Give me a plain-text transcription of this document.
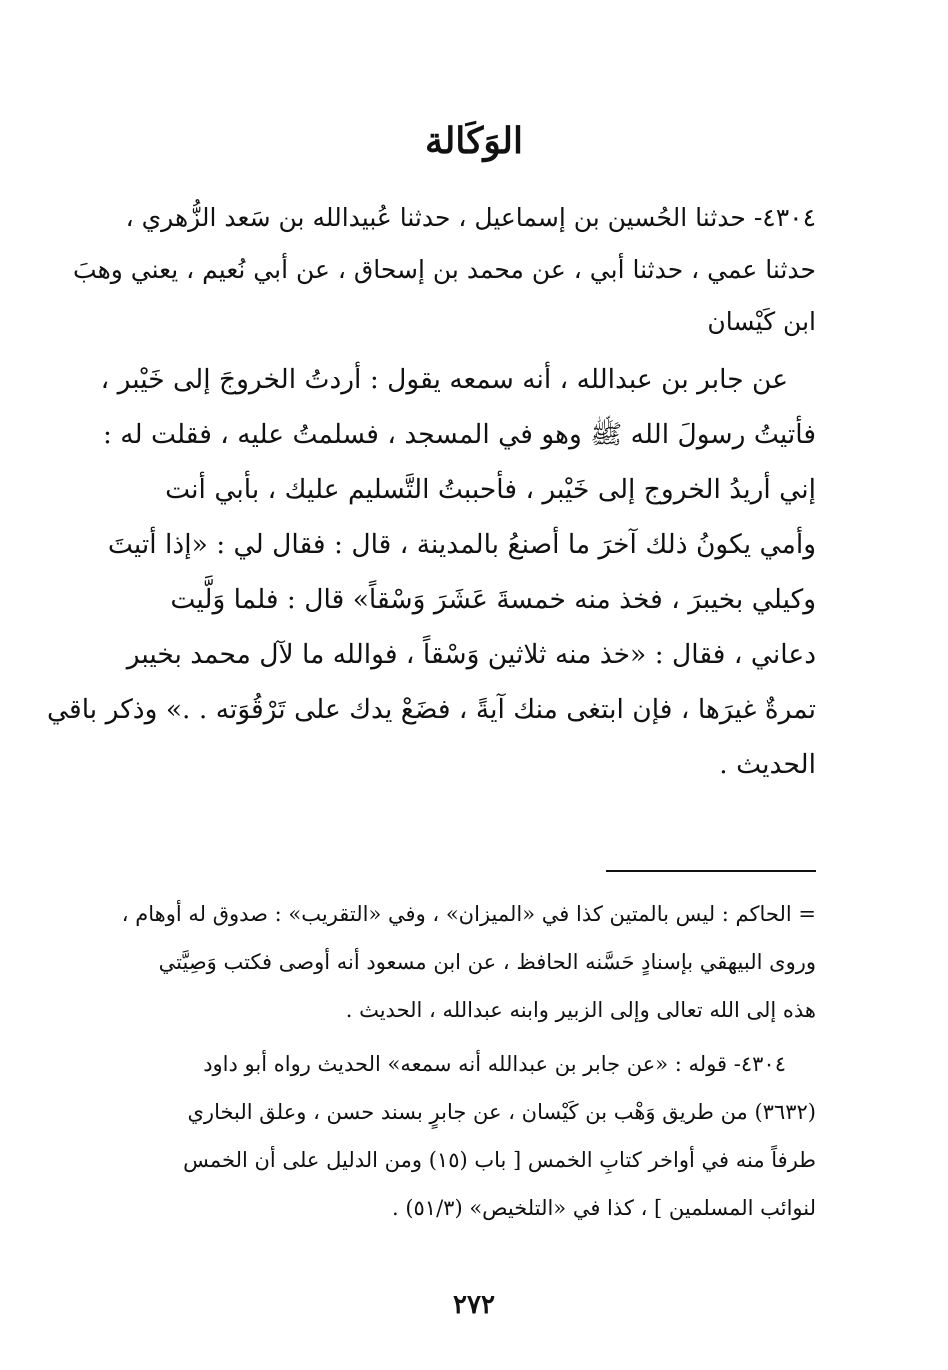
الوَكَالة

٤٣٠٤- حدثنا الحُسين بن إسماعيل ، حدثنا عُبيدالله بن سَعد الزُّهري ،
حدثنا عمي ، حدثنا أبي ، عن محمد بن إسحاق ، عن أبي نُعيم ، يعني وهبَ
ابن كَيْسان

عن جابر بن عبدالله ، أنه سمعه يقول : أردتُ الخروجَ إلى خَيْبر ،
فأتيتُ رسولَ الله ﷺ وهو في المسجد ، فسلمتُ عليه ، فقلت له :
إني أريدُ الخروج إلى خَيْبر ، فأحببتُ التَّسليم عليك ، بأبي أنت
وأمي يكونُ ذلك آخرَ ما أصنعُ بالمدينة ، قال : فقال لي : «إذا أتيتَ
وكيلي بخيبرَ ، فخذ منه خمسةَ عَشَرَ وَسْقاً» قال : فلما وَلَّيت
دعاني ، فقال : «خذ منه ثلاثين وَسْقاً ، فوالله ما لآل محمد بخيبر
تمرةٌ غيرَها ، فإن ابتغى منك آيةً ، فضَعْ يدك على تَرْقُوَته . .» وذكر باقي
الحديث .

= الحاكم : ليس بالمتين كذا في «الميزان» ، وفي «التقريب» : صدوق له أوهام ،
وروى البيهقي بإسنادٍ حَسَّنه الحافظ ، عن ابن مسعود أنه أوصى فكتب وَصِيَّتي
هذه إلى الله تعالى وإلى الزبير وابنه عبدالله ، الحديث .

٤٣٠٤- قوله : «عن جابر بن عبدالله أنه سمعه» الحديث رواه أبو داود
(٣٦٣٢) من طريق وَهْب بن كَيْسان ، عن جابرٍ بسند حسن ، وعلق البخاري
طرفاً منه في أواخر كتابِ الخمس [ باب (١٥) ومن الدليل على أن الخمس
لنوائب المسلمين ] ، كذا في «التلخيص» (٥١/٣) .

٢٧٢
